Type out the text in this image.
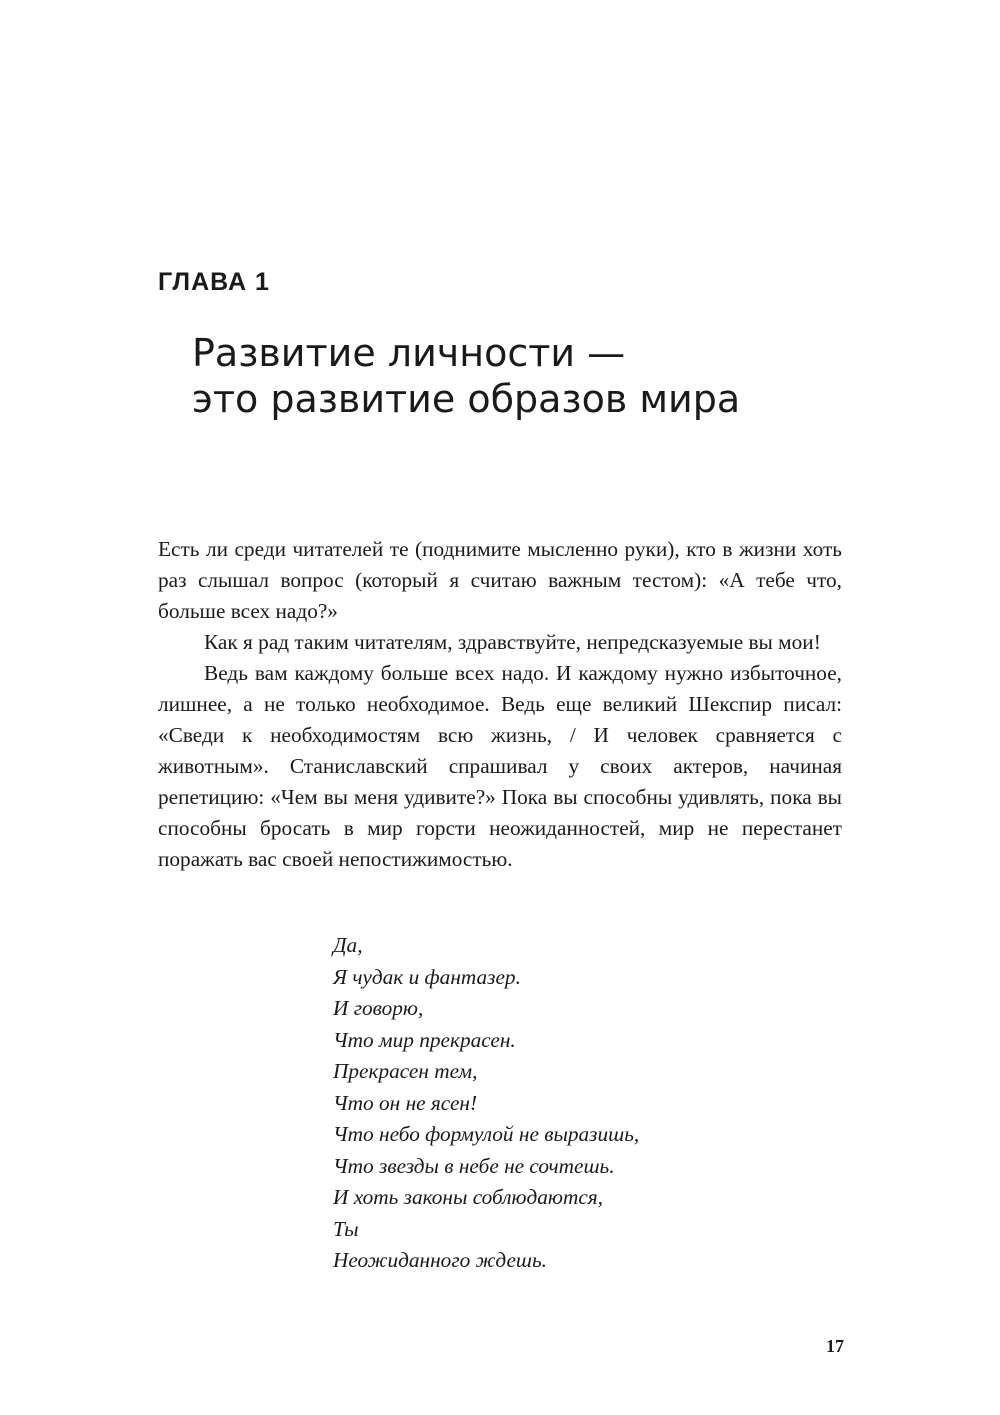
ГЛАВА 1
Развитие личности —
это развитие образов мира

Есть ли среди читателей те (поднимите мысленно руки), кто в жизни хоть раз слышал вопрос (который я считаю важным тестом): «А тебе что, больше всех надо?»

Как я рад таким читателям, здравствуйте, непредсказуемые вы мои!

Ведь вам каждому больше всех надо. И каждому нужно избыточное, лишнее, а не только необходимое. Ведь еще великий Шекспир писал: «Сведи к необходимостям всю жизнь, / И человек сравняется с животным». Станиславский спрашивал у своих актеров, начиная репетицию: «Чем вы меня удивите?» Пока вы способны удивлять, пока вы способны бросать в мир горсти неожиданностей, мир не перестанет поражать вас своей непостижимостью.

Да,
Я чудак и фантазер.
И говорю,
Что мир прекрасен.
Прекрасен тем,
Что он не ясен!
Что небо формулой не выразишь,
Что звезды в небе не сочтешь.
И хоть законы соблюдаются,
Ты
Неожиданного ждешь.
17
